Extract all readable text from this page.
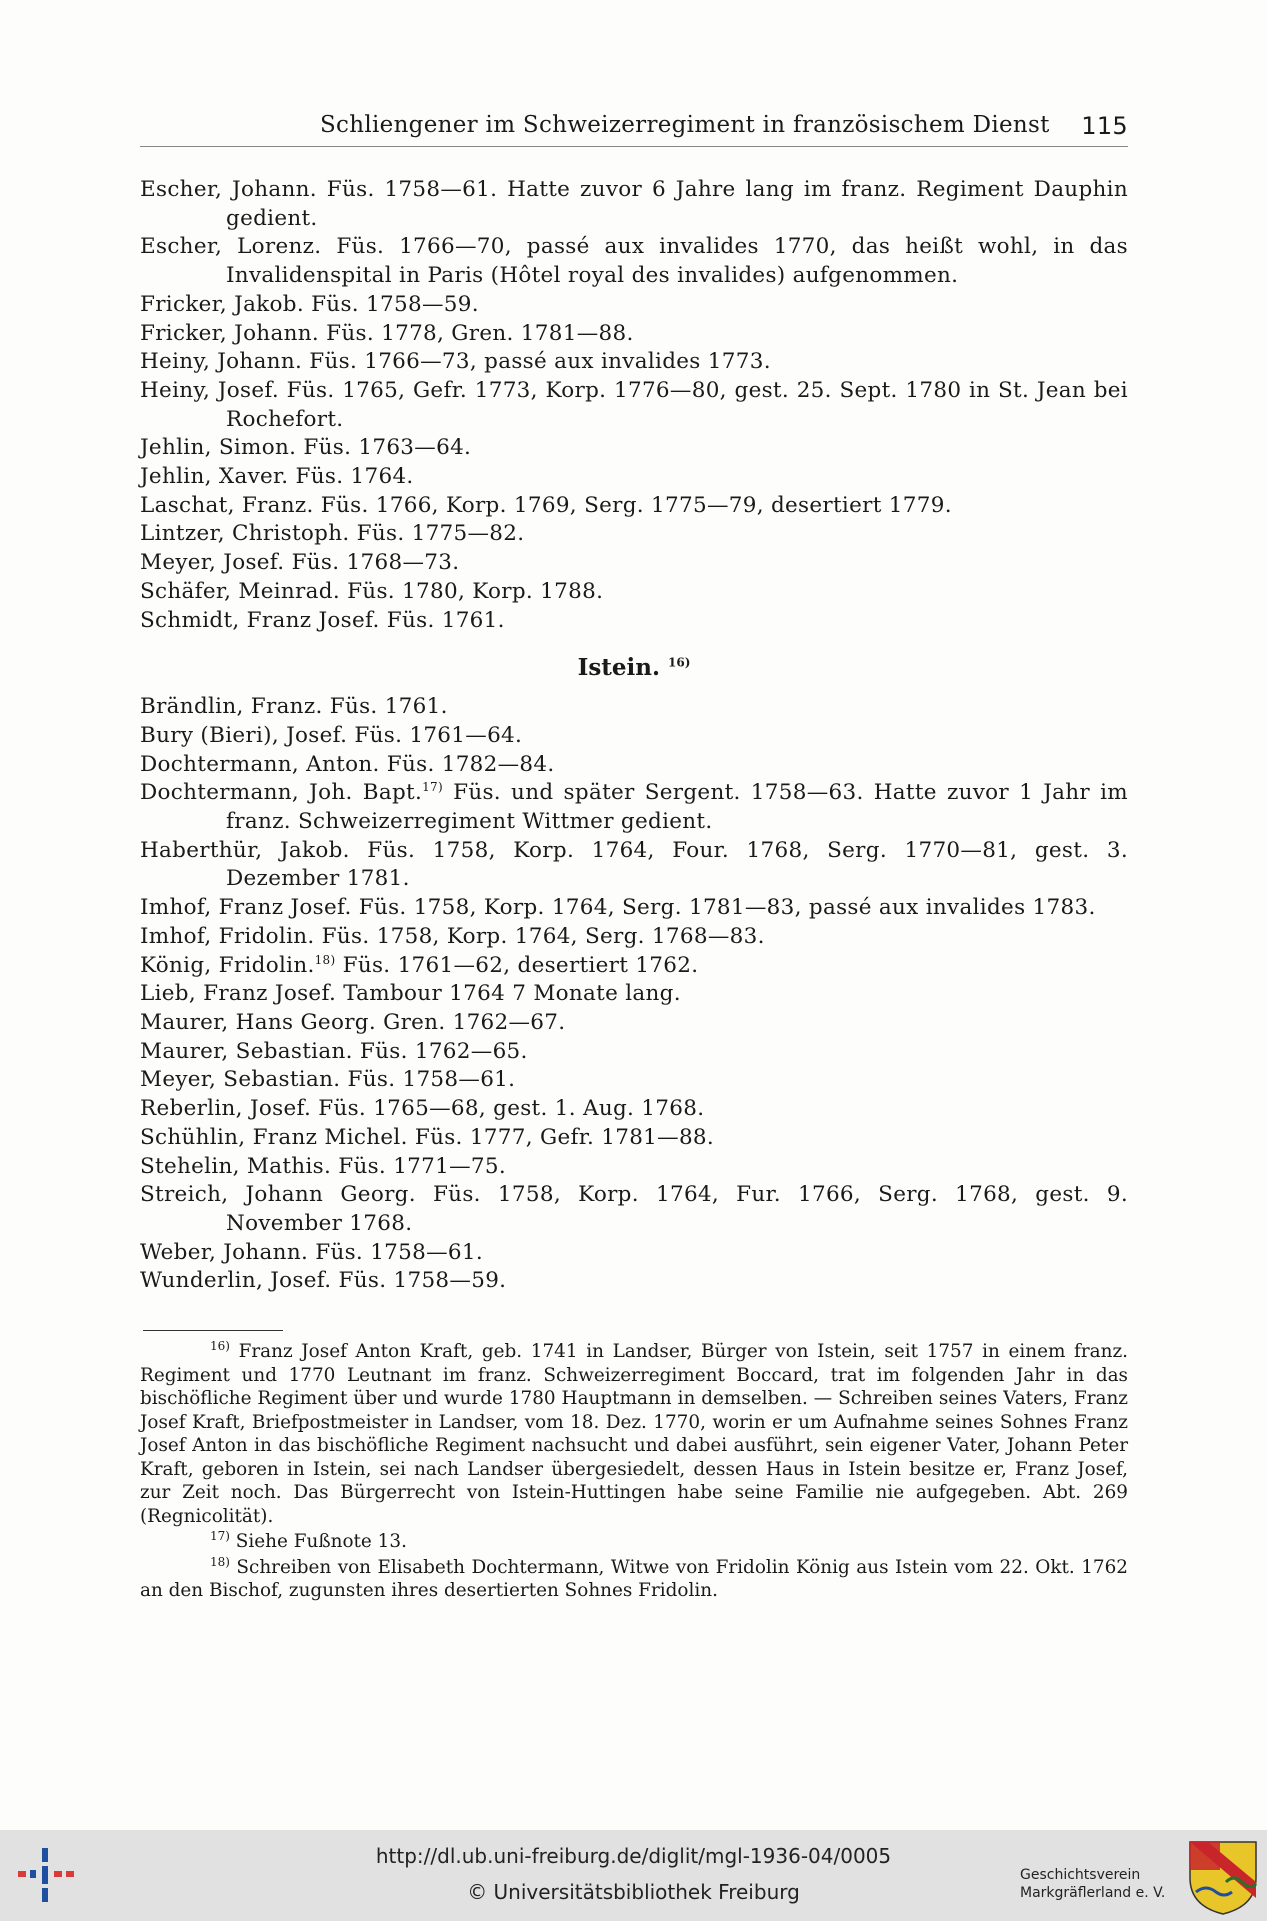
Schliengener im Schweizerregiment in französischem Dienst 115
Escher, Johann. Füs. 1758—61. Hatte zuvor 6 Jahre lang im franz. Regiment Dauphin gedient.
Escher, Lorenz. Füs. 1766—70, passé aux invalides 1770, das heißt wohl, in das Invalidenspital in Paris (Hôtel royal des invalides) aufgenommen.
Fricker, Jakob. Füs. 1758—59.
Fricker, Johann. Füs. 1778, Gren. 1781—88.
Heiny, Johann. Füs. 1766—73, passé aux invalides 1773.
Heiny, Josef. Füs. 1765, Gefr. 1773, Korp. 1776—80, gest. 25. Sept. 1780 in St. Jean bei Rochefort.
Jehlin, Simon. Füs. 1763—64.
Jehlin, Xaver. Füs. 1764.
Laschat, Franz. Füs. 1766, Korp. 1769, Serg. 1775—79, desertiert 1779.
Lintzer, Christoph. Füs. 1775—82.
Meyer, Josef. Füs. 1768—73.
Schäfer, Meinrad. Füs. 1780, Korp. 1788.
Schmidt, Franz Josef. Füs. 1761.
Istein. $^{16)}$
Brändlin, Franz. Füs. 1761.
Bury (Bieri), Josef. Füs. 1761—64.
Dochtermann, Anton. Füs. 1782—84.
Dochtermann, Joh. Bapt.$^{17)}$ Füs. und später Sergent. 1758—63. Hatte zuvor 1 Jahr im franz. Schweizerregiment Wittmer gedient.
Haberthür, Jakob. Füs. 1758, Korp. 1764, Four. 1768, Serg. 1770—81, gest. 3. Dezember 1781.
Imhof, Franz Josef. Füs. 1758, Korp. 1764, Serg. 1781—83, passé aux invalides 1783.
Imhof, Fridolin. Füs. 1758, Korp. 1764, Serg. 1768—83.
König, Fridolin.$^{18)}$ Füs. 1761—62, desertiert 1762.
Lieb, Franz Josef. Tambour 1764 7 Monate lang.
Maurer, Hans Georg. Gren. 1762—67.
Maurer, Sebastian. Füs. 1762—65.
Meyer, Sebastian. Füs. 1758—61.
Reberlin, Josef. Füs. 1765—68, gest. 1. Aug. 1768.
Schühlin, Franz Michel. Füs. 1777, Gefr. 1781—88.
Stehelin, Mathis. Füs. 1771—75.
Streich, Johann Georg. Füs. 1758, Korp. 1764, Fur. 1766, Serg. 1768, gest. 9. November 1768.
Weber, Johann. Füs. 1758—61.
Wunderlin, Josef. Füs. 1758—59.

$^{16)}$ Franz Josef Anton Kraft, geb. 1741 in Landser, Bürger von Istein, seit 1757 in einem franz. Regiment und 1770 Leutnant im franz. Schweizerregiment Boccard, trat im folgenden Jahr in das bischöfliche Regiment über und wurde 1780 Hauptmann in demselben. — Schreiben seines Vaters, Franz Josef Kraft, Briefpostmeister in Landser, vom 18. Dez. 1770, worin er um Aufnahme seines Sohnes Franz Josef Anton in das bischöfliche Regiment nachsucht und dabei ausführt, sein eigener Vater, Johann Peter Kraft, geboren in Istein, sei nach Landser übergesiedelt, dessen Haus in Istein besitze er, Franz Josef, zur Zeit noch. Das Bürgerrecht von Istein-Huttingen habe seine Familie nie aufgegeben. Abt. 269 (Regnicolität).

$^{17)}$ Siehe Fußnote 13.

$^{18)}$ Schreiben von Elisabeth Dochtermann, Witwe von Fridolin König aus Istein vom 22. Okt. 1762 an den Bischof, zugunsten ihres desertierten Sohnes Fridolin.

http://dl.ub.uni-freiburg.de/diglit/mgl-1936-04/0005
© Universitätsbibliothek Freiburg
Geschichtsverein
Markgräflerland e. V.
